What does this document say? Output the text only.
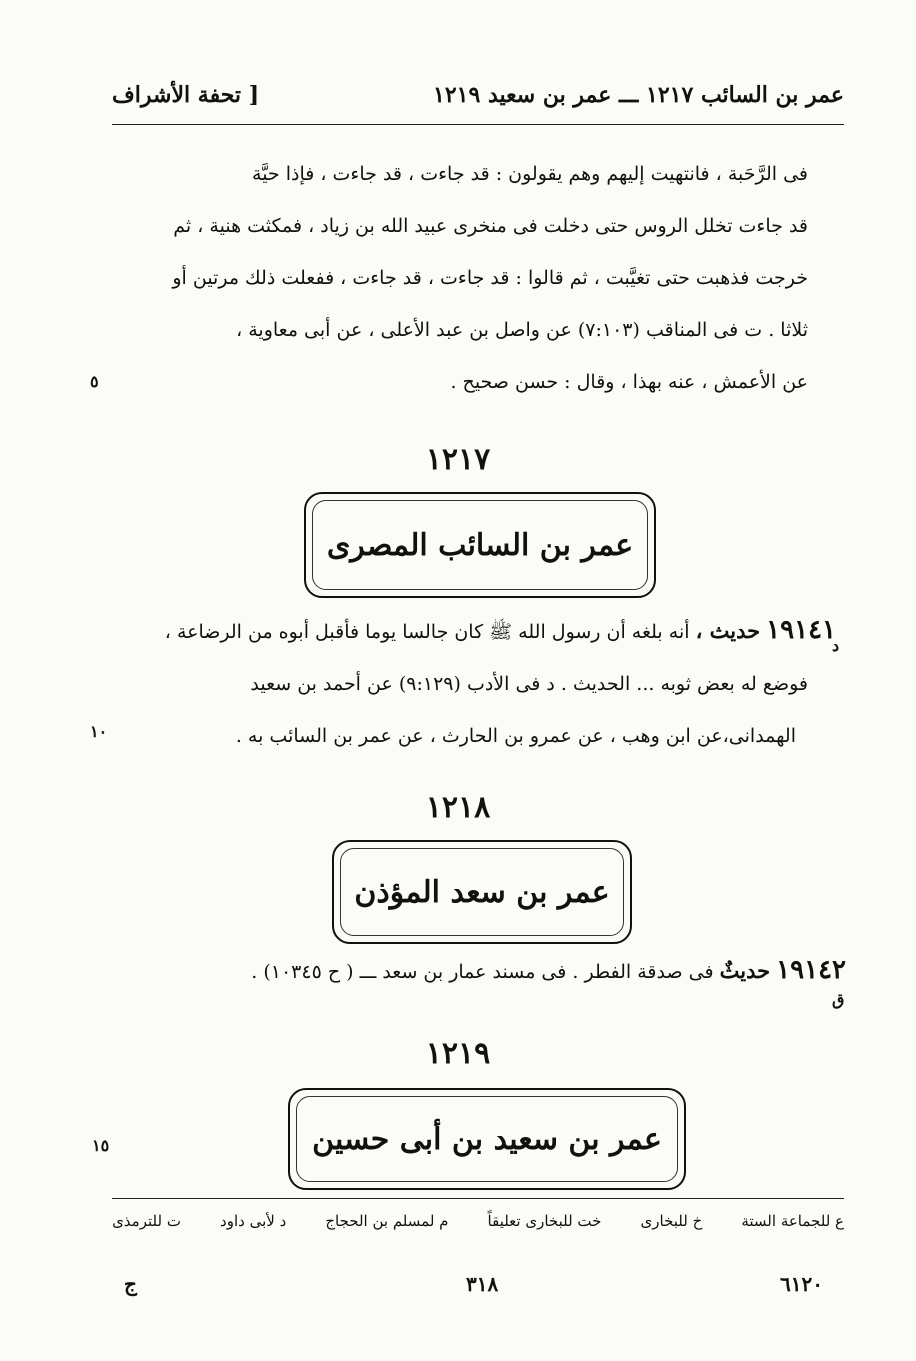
عمر بن السائب ١٢١٧ ـــ عمر بن سعيد ١٢١٩
[ تحفة الأشراف
فى الرَّحَبة ، فانتهيت إليهم وهم يقولون : قد جاءت ، قد جاءت ، فإذا حيَّة
قد جاءت تخلل الروس حتى دخلت فى منخرى عبيد الله بن زياد ، فمكثت هنية ، ثم
خرجت فذهبت حتى تغيَّبت ، ثم قالوا : قد جاءت ، قد جاءت ، ففعلت ذلك مرتين أو
ثلاثا . ت فى المناقب (٧:١٠٣) عن واصل بن عبد الأعلى ، عن أبى معاوية ،
عن الأعمش ، عنه بهذا ، وقال : حسن صحيح .
٥
١٢١٧
عمر بن السائب المصرى
١٩١٤١ حديث ، أنه بلغه أن رسول الله ﷺ كان جالسا يوما فأقبل أبوه من الرضاعة ،
فوضع له بعض ثوبه ... الحديث . د فى الأدب (٩:١٢٩) عن أحمد بن سعيد
الهمدانى،عن ابن وهب ، عن عمرو بن الحارث ، عن عمر بن السائب به .
د
١٠
١٢١٨
عمر بن سعد المؤذن
١٩١٤٢ حديثٌ فى صدقة الفطر . فى مسند عمار بن سعد ـــ ( ح ١٠٣٤٥) .
ق
١٢١٩
عمر بن سعيد بن أبى حسين
١٥
ع للجماعة الستة
خ للبخارى
خت للبخارى تعليقاً
م لمسلم بن الحجاج
د لأبى داود
ت للترمذى
٦١٢٠
٣١٨
ج
